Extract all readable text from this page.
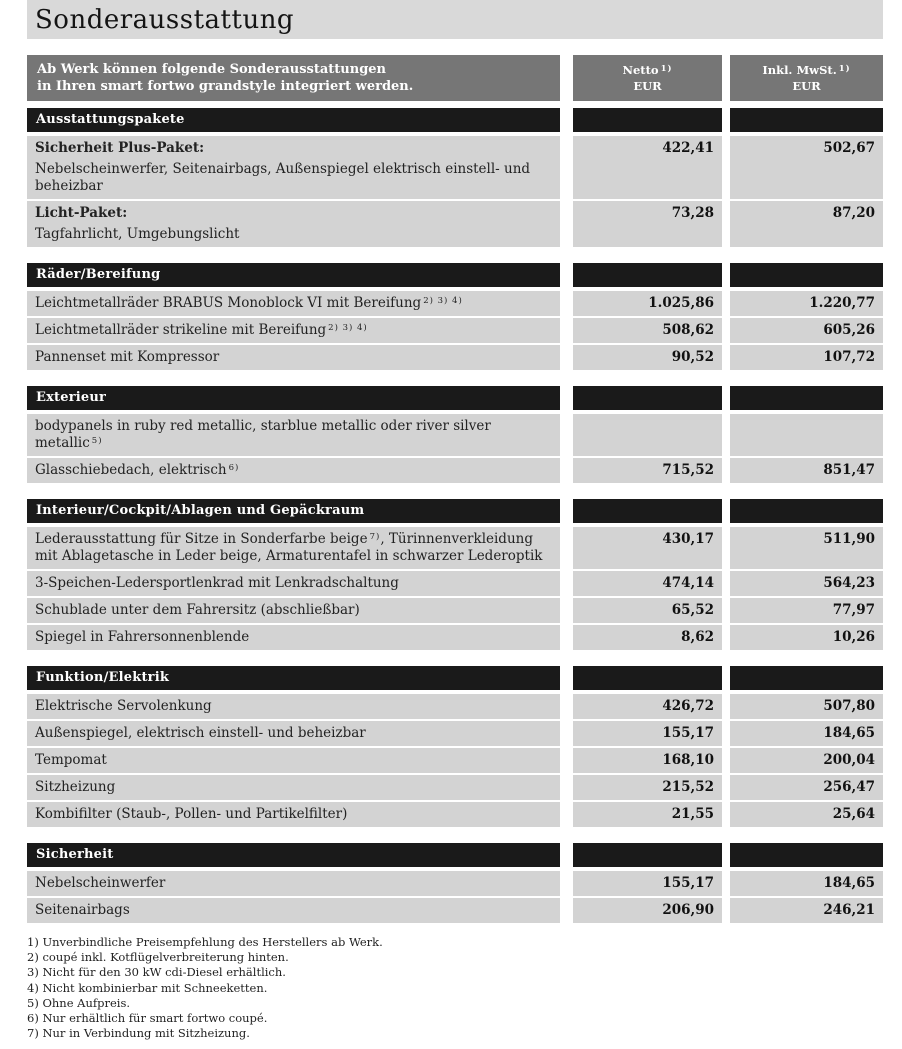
Sonderausstattung
Ab Werk können folgende Sonderausstattungen
in Ihren smart fortwo grandstyle integriert werden.
Netto $^{1)}$
EUR
Inkl. MwSt. $^{1)}$
EUR
Ausstattungspakete
Sicherheit Plus-Paket:
Nebelscheinwerfer, Seitenairbags, Außenspiegel elektrisch einstell- und beheizbar
422,41	502,67
Licht-Paket:
Tagfahrlicht, Umgebungslicht
73,28	87,20
Räder/Bereifung
Leichtmetallräder BRABUS Monoblock VI mit Bereifung $^{2) 3) 4)}$	1.025,86	1.220,77
Leichtmetallräder strikeline mit Bereifung $^{2) 3) 4)}$	508,62	605,26
Pannenset mit Kompressor	90,52	107,72
Exterieur
bodypanels in ruby red metallic, starblue metallic oder river silver metallic $^{5)}$
Glasschiebedach, elektrisch $^{6)}$	715,52	851,47
Interieur/Cockpit/Ablagen und Gepäckraum
Lederausstattung für Sitze in Sonderfarbe beige $^{7)}$, Türinnenverkleidung mit Ablagetasche in Leder beige, Armaturentafel in schwarzer Lederoptik
430,17	511,90
3-Speichen-Ledersportlenkrad mit Lenkradschaltung	474,14	564,23
Schublade unter dem Fahrersitz (abschließbar)	65,52	77,97
Spiegel in Fahrersonnenblende	8,62	10,26
Funktion/Elektrik
Elektrische Servolenkung	426,72	507,80
Außenspiegel, elektrisch einstell- und beheizbar	155,17	184,65
Tempomat	168,10	200,04
Sitzheizung	215,52	256,47
Kombifilter (Staub-, Pollen- und Partikelfilter)	21,55	25,64
Sicherheit
Nebelscheinwerfer	155,17	184,65
Seitenairbags	206,90	246,21
1) Unverbindliche Preisempfehlung des Herstellers ab Werk.
2) coupé inkl. Kotflügelverbreiterung hinten.
3) Nicht für den 30 kW cdi-Diesel erhältlich.
4) Nicht kombinierbar mit Schneeketten.
5) Ohne Aufpreis.
6) Nur erhältlich für smart fortwo coupé.
7) Nur in Verbindung mit Sitzheizung.
